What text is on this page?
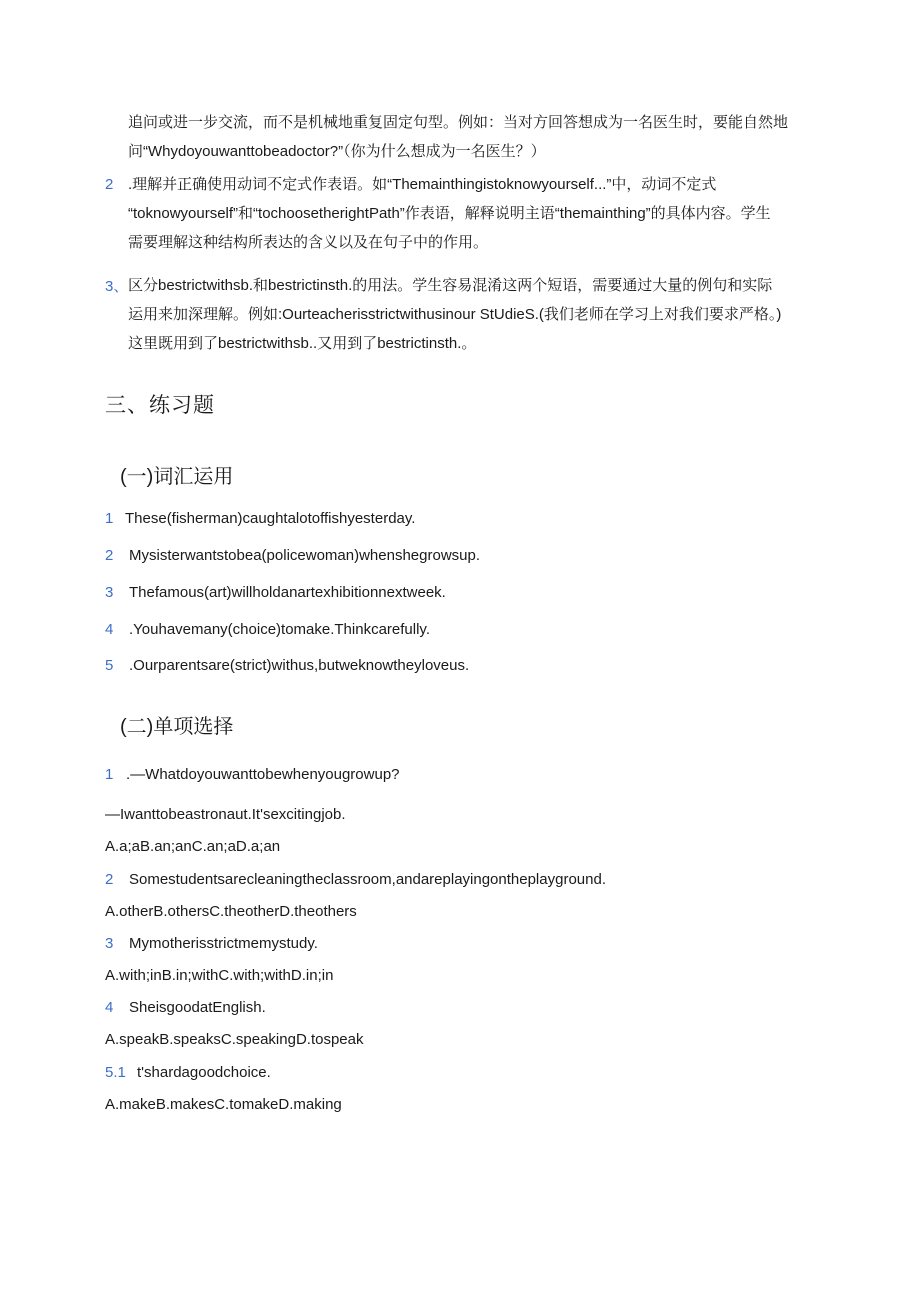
追问或进一步交流，而不是机械地重复固定句型。例如：当对方回答想成为一名医生时，要能自然地
问“Whydoyouwanttobeadoctor?”（你为什么想成为一名医生？）
2 .理解并正确使用动词不定式作表语。如“Themainthingistoknowyourself...”中，动词不定式
“toknowyourself”和“tochoosetherightPath”作表语，解释说明主语“themainthing”的具体内容。学生
需要理解这种结构所表达的含义以及在句子中的作用。
3、 区分bestrictwithsb.和bestrictinsth.的用法。学生容易混淆这两个短语，需要通过大量的例句和实际
运用来加深理解。例如:Ourteacherisstrictwithusinour StUdieS.(我们老师在学习上对我们要求严格。)
这里既用到了bestrictwithsb..又用到了bestrictinsth.。
三、练习题
(一)词汇运用
1 These(fisherman)caughtalotoffishyesterday.
2 Mysisterwantstobea(policewoman)whenshegrowsup.
3 Thefamous(art)willholdanartexhibitionnextweek.
4 .Youhavemany(choice)tomake.Thinkcarefully.
5 .Ourparentsare(strict)withus,butweknowtheyloveus.
(二)单项选择
1 .—Whatdoyouwanttobewhenyougrowup?
—Iwanttobeastronaut.It'sexcitingjob.
A.a;aB.an;anC.an;aD.a;an
2 Somestudentsarecleaningtheclassroom,andareplayingontheplayground.
A.otherB.othersC.theotherD.theothers
3 Mymotherisstrictmemystudy.
A.with;inB.in;withC.with;withD.in;in
4 SheisgoodatEnglish.
A.speakB.speaksC.speakingD.tospeak
5.1 t'shardagoodchoice.
A.makeB.makesC.tomakeD.making
